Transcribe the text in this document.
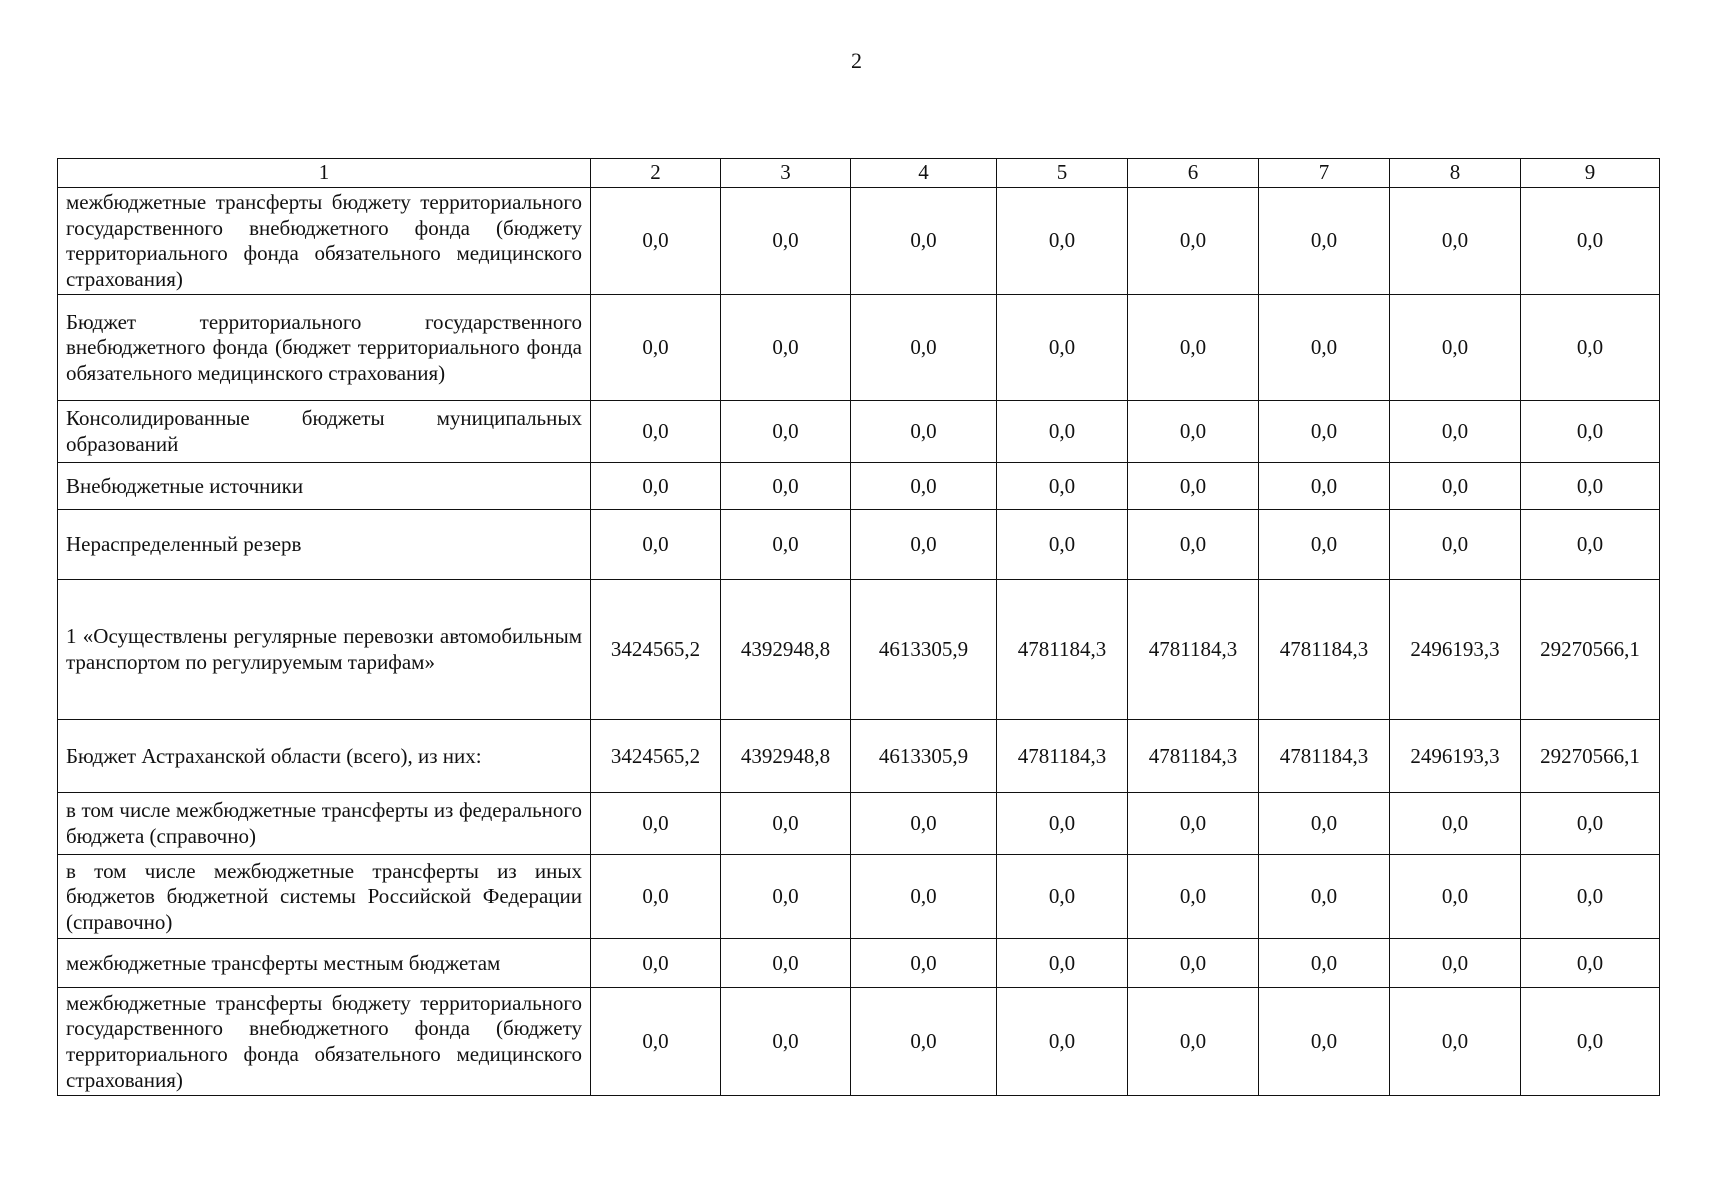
2
1	2	3	4	5	6	7	8	9
межбюджетные трансферты бюджету территориального государственного внебюджетного фонда (бюджету территориального фонда обязательного медицинского страхования)	0,0	0,0	0,0	0,0	0,0	0,0	0,0	0,0
Бюджет территориального государственного внебюджетного фонда (бюджет территориального фонда обязательного медицинского страхования)	0,0	0,0	0,0	0,0	0,0	0,0	0,0	0,0
Консолидированные бюджеты муниципальных образований	0,0	0,0	0,0	0,0	0,0	0,0	0,0	0,0
Внебюджетные источники	0,0	0,0	0,0	0,0	0,0	0,0	0,0	0,0
Нераспределенный резерв	0,0	0,0	0,0	0,0	0,0	0,0	0,0	0,0
1 «Осуществлены регулярные перевозки автомобильным транспортом по регулируемым тарифам»	3424565,2	4392948,8	4613305,9	4781184,3	4781184,3	4781184,3	2496193,3	29270566,1
Бюджет Астраханской области (всего), из них:	3424565,2	4392948,8	4613305,9	4781184,3	4781184,3	4781184,3	2496193,3	29270566,1
в том числе межбюджетные трансферты из федерального бюджета (справочно)	0,0	0,0	0,0	0,0	0,0	0,0	0,0	0,0
в том числе межбюджетные трансферты из иных бюджетов бюджетной системы Российской Федерации (справочно)	0,0	0,0	0,0	0,0	0,0	0,0	0,0	0,0
межбюджетные трансферты местным бюджетам	0,0	0,0	0,0	0,0	0,0	0,0	0,0	0,0
межбюджетные трансферты бюджету территориального государственного внебюджетного фонда (бюджету территориального фонда обязательного медицинского страхования)	0,0	0,0	0,0	0,0	0,0	0,0	0,0	0,0
